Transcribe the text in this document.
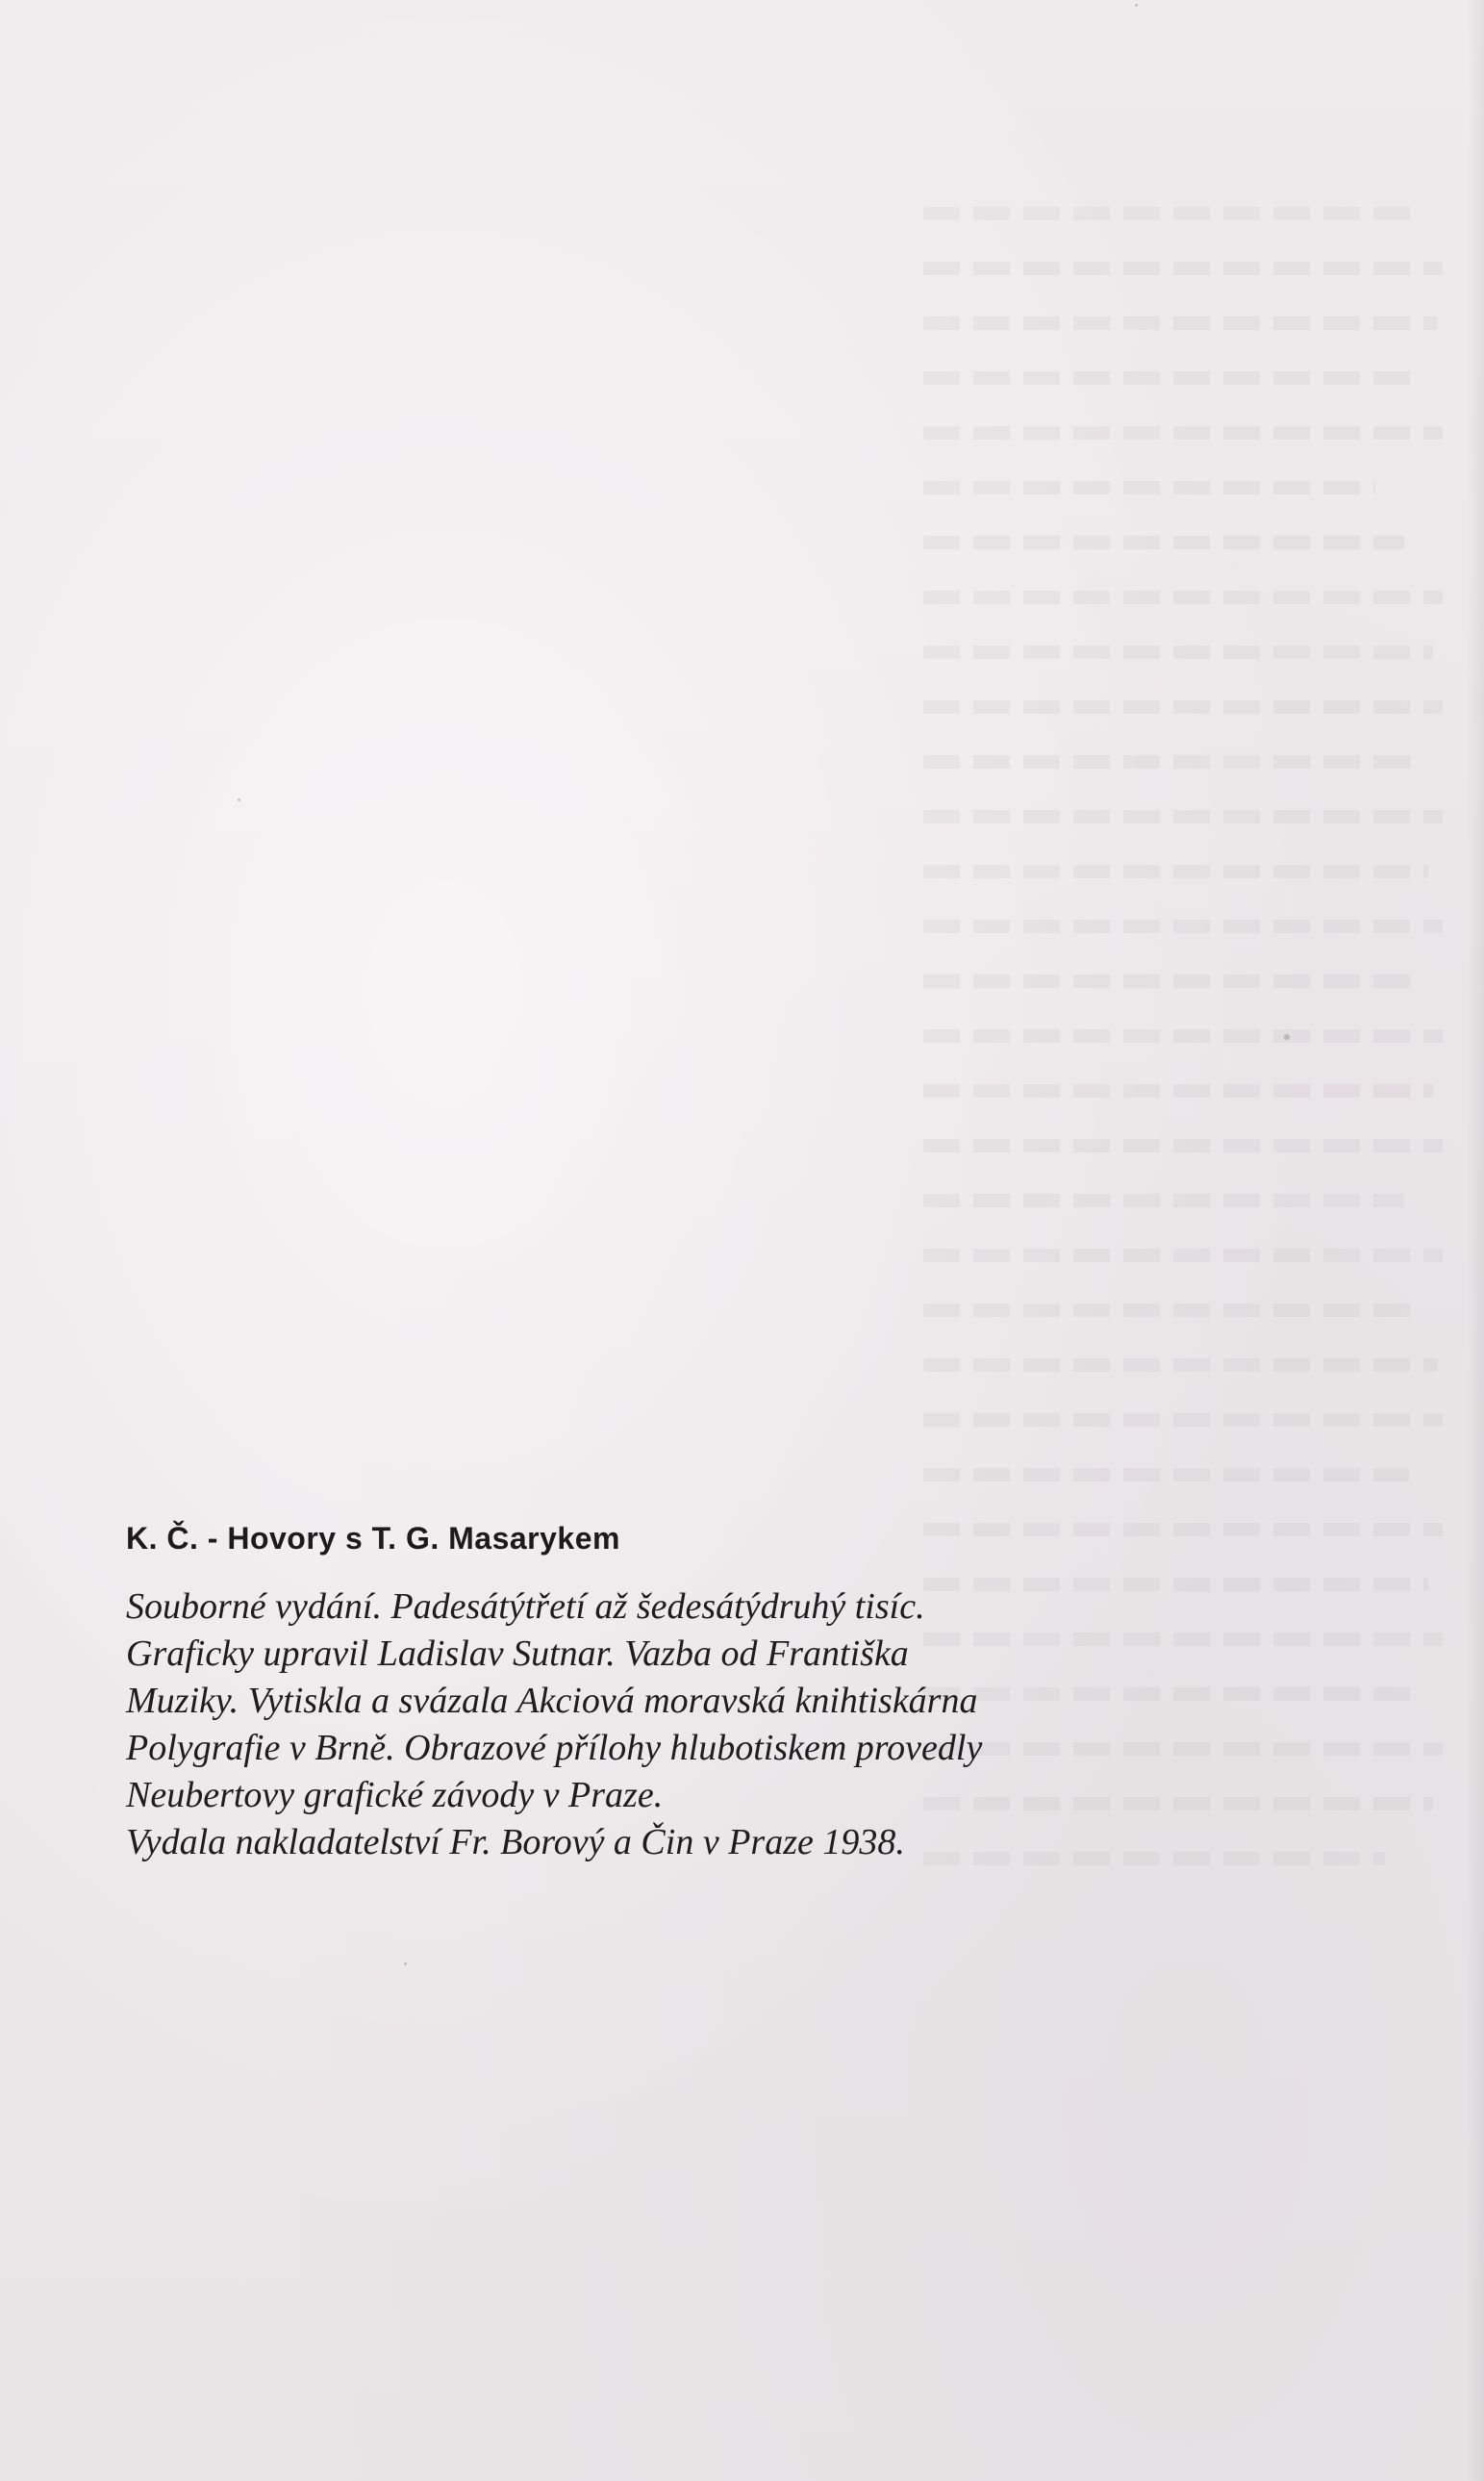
K. Č. - Hovory s T. G. Masarykem

Souborné vydání. Padesátýtřetí až šedesátýdruhý tisíc.

Graficky upravil Ladislav Sutnar. Vazba od Františka

Muziky. Vytiskla a svázala Akciová moravská knihtiskárna

Polygrafie v Brně. Obrazové přílohy hlubotiskem provedly

Neubertovy grafické závody v Praze.

Vydala nakladatelství Fr. Borový a Čin v Praze 1938.
